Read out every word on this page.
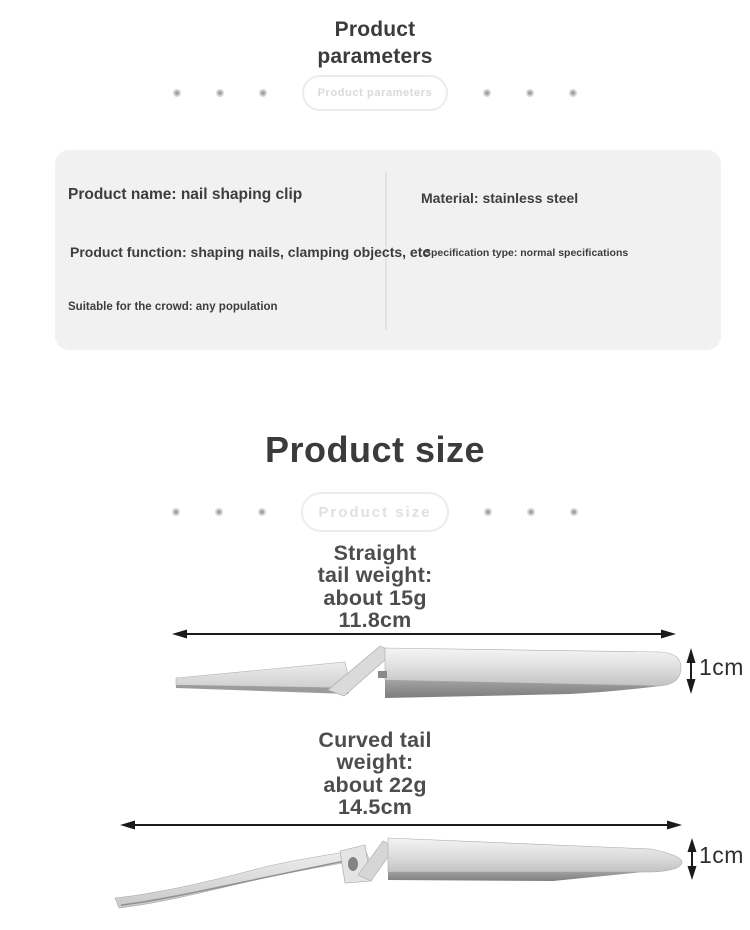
Product parameters
Product parameters
Product name: nail shaping clip
Product function: shaping nails, clamping objects, etc
Suitable for the crowd: any population
Material: stainless steel
Specification type: normal specifications
Product size
Product size
Straight
tail weight:
about 15g
11.8cm
1cm
Curved tail
weight:
about 22g
14.5cm
1cm
